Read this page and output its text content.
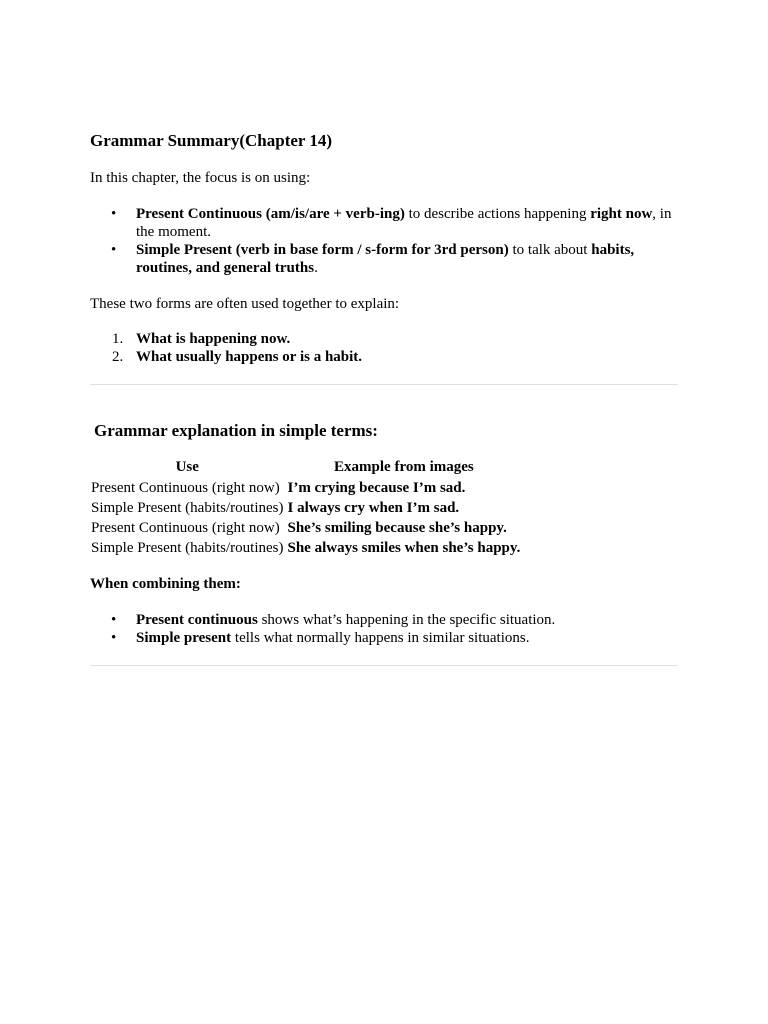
Grammar Summary(Chapter 14)
In this chapter, the focus is on using:
• Present Continuous (am/is/are + verb-ing) to describe actions happening right now, in the moment.
• Simple Present (verb in base form / s-form for 3rd person) to talk about habits, routines, and general truths.
These two forms are often used together to explain:
1. What is happening now.
2. What usually happens or is a habit.
Grammar explanation in simple terms:
Use	Example from images
Present Continuous (right now)	I’m crying because I’m sad.
Simple Present (habits/routines)	I always cry when I’m sad.
Present Continuous (right now)	She’s smiling because she’s happy.
Simple Present (habits/routines)	She always smiles when she’s happy.
When combining them:
• Present continuous shows what’s happening in the specific situation.
• Simple present tells what normally happens in similar situations.
